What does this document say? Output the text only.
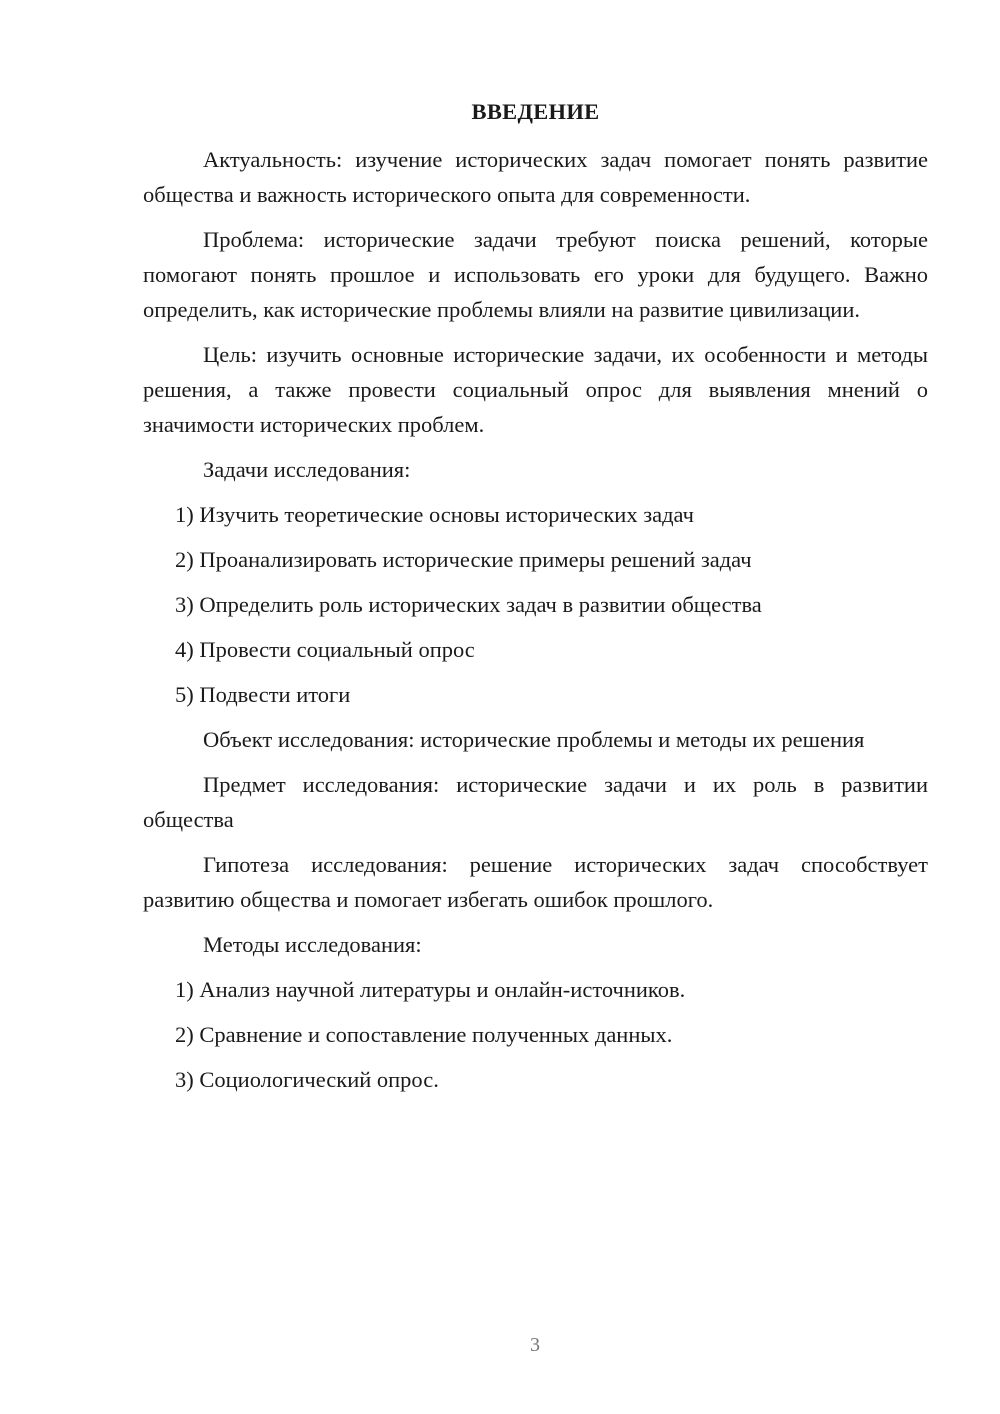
ВВЕДЕНИЕ

Актуальность: изучение исторических задач помогает понять развитие общества и важность исторического опыта для современности.

Проблема: исторические задачи требуют поиска решений, которые помогают понять прошлое и использовать его уроки для будущего. Важно определить, как исторические проблемы влияли на развитие цивилизации.

Цель: изучить основные исторические задачи, их особенности и методы решения, а также провести социальный опрос для выявления мнений о значимости исторических проблем.

Задачи исследования:
1) Изучить теоретические основы исторических задач
2) Проанализировать исторические примеры решений задач
3) Определить роль исторических задач в развитии общества
4) Провести социальный опрос
5) Подвести итоги

Объект исследования: исторические проблемы и методы их решения

Предмет исследования: исторические задачи и их роль в развитии общества

Гипотеза исследования: решение исторических задач способствует развитию общества и помогает избегать ошибок прошлого.

Методы исследования:
1) Анализ научной литературы и онлайн-источников.
2) Сравнение и сопоставление полученных данных.
3) Социологический опрос.
3
